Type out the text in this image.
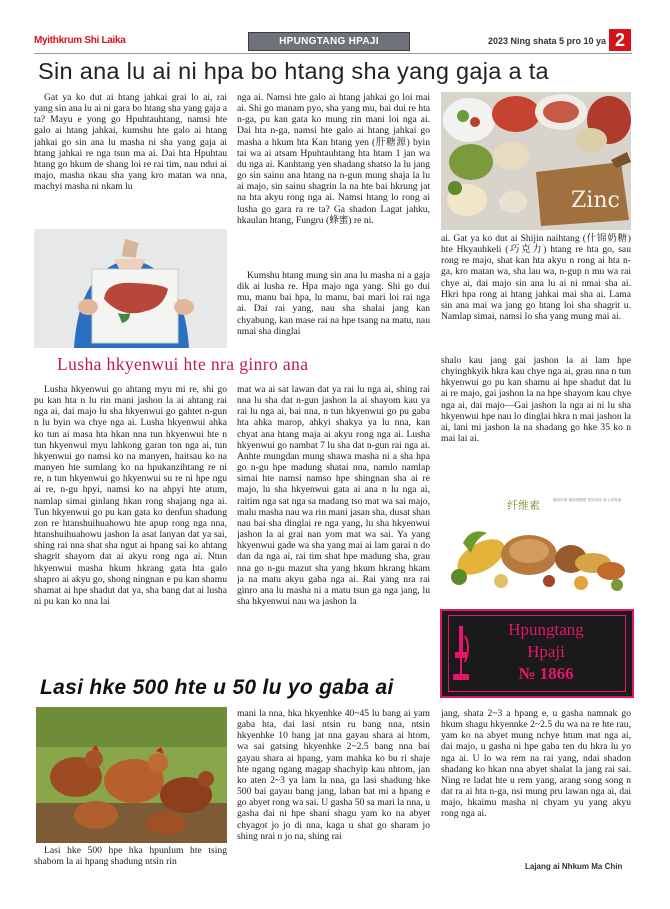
Myithkrum Shi Laika	HPUNGTANG HPAJI	2023 Ning shata 5 pro 10 ya 2
Sin ana lu ai ni hpa bo htang sha yang gaja a ta

Gat ya ko dut ai htang jahkai grai lo ai, rai yang sin ana lu ai ni gara bo htang sha yang gaja a ta? Mayu e yong go Hpuhtauhtang, namsi hte galo ai htang jahkai, kumshu hte galo ai htang jahkai go sin ana lu masha ni sha yang gaja ai htang jahkai re nga tsun ma ai. Dai hta Hpuhtau htang go hkum de shang loi re rai tim, nau ndui ai majo, masha nkau sha yang kro matan wa nna, machyi masha ni nkam lu

nga ai. Namsi hte galo ai htang jahkai go loi mai ai. Shi go manam pyo, sha yang mu, bai dui re hta n-ga, pu kan gata ko mung rin mani loi nga ai. Dai hta n-ga, namsi hte galo ai htang jahkai go masha a hkum hta Kan htang yen (肝糖源) byin tai wa ai atsam Hpuhtauhtang hta htam 1 jan wa du nga ai. Kanhtang yen shadang shatso la lu jang go sin sainu ana htang na n-gun mung shaja la lu ai majo, sin sainu shagrin la na hte bai hkrung jat na hta akyu rong nga ai. Namsi htang lo rong ai lusha go gara ra re ta? Ga shadon Lagat jahku, hkaulan htang, Fungru (蜂蜜) re ni.

Kumshu htang mung sin ana lu masha ni a gaja dik ai lusha re. Hpa majo nga yang. Shi go dui mu, manu bai hpa, lu manu, bai mari loi rai nga ai. Dai rai yang, nau sha shalai jang kan chyabung, kan mase rai na hpe tsang na matu, nau nmai sha dinglai

Zinc

ai. Gat ya ko dut ai Shijin naihtang (什锦奶糖) hte Hkyauhkeli (巧克力) htang re hta go, sau rong re majo, shat kan hta akyu n rong ai hta n-ga, kro matan wa, sha lau wa, n-gup n mu wa rai chye ai, dai majo sin ana lu ai ni nmai sha ai. Hkri hpa rong ai htang jahkai mai sha ai. Lama sin ana mai wa jang go htang loi sha shagrit u. Namlap simai, namsi lo sha yang mung mai ai.

Lusha hkyenwui hte nra ginro ana

Lusha hkyenwui go ahtang myu mi re, shi go pu kan hta n lu rin mani jashon la ai ahtang rai nga ai, dai majo lu sha hkyenwui go gahtet n-gun n lu byin wa chye nga ai. Lusha hkyenwui ahka ko tun ai masa hta hkan nna tun hkyenwui hte n tun hkyenwui myu lahkong garan ton nga ai, tun hkyenwui go namsi ko na manyen, haitsau ko na manyen hte sumlang ko na hpukanzihtang re ni re, n tun hkyenwui go hkyenwui su re ni hpe ngu ai re, n-gu hpyi, namsi ko na ahpyi hte atum, namlap simai ginlang hkan rong shajang nga ai. Tun hkyenwui go pu kan gata ko denfun shadung zon re htanshuihuahowu hte apup rong nga nna, htanshuihuahowu jashon la asat lanyan dat ya sai, shing rai nna shat sha ngut ai hpang sai ko ahtang shagrit shayom dat ai akyu rong nga ai. Ntun hkyenwui masha hkum hkrang gata hta galo shapro ai akyu go, shong ningnan e pu kan shamu shamat ai hpe shadut dat ya, sha bang dat ai lusha ni pu kan ko nna lai

mat wa ai sat lawan dat ya rai lu nga ai, shing rai nna lu sha dat n-gun jashon la ai shayom kau ya rai lu nga ai, bai nna, n tun hkyenwui go pu gaba hta ahka marop, ahkyi shakya ya lu nna, kan chyat ana htang maja ai akyu rong nga ai. Lusha hkyenwui go nambat 7 lu sha dat n-gun rai nga ai. Anhte mungdan mung shawa masha ni a sha hpa go n-gu hpe madung shatai nna, namlo namlap simai hte namsi namso hpe shingnan sha ai re majo, lu sha hkyenwui gata ai ana n lu nga ai, raitim nga sat nga sa madang tso mat wa sai majo, malu masha nau wa rin mani jasan sha, dusat shan nau bai sha dinglai re nga yang, lu sha hkyenwui jashon la ai grai nan yom mat wa sai. Ya yang hkyenwui gade wa sha yang mai ai lam garai n do dan da nga ai, rai tim shat hpe madung sha, grau nna go n-gu mazut sha yang hkum hkrang hkam ja na matu akyu gaba nga ai. Rai yang nra rai ginro ana lu masha ni a matu tsun ga nga jang, lu sha hkyenwui nau wa jashon la

shalo kau jang gai jashon la ai lam hpe chyinghkyik hkra kau chye nga ai, grau nna n tun hkyenwui go pu kan shamu ai hpe shadut dat lu ai re majo, gai jashon la na hpe shayom kau chye nga ai, dai majo—Gai jashon la nga ai ni lu sha hkyenwui hpe nau lo dinglai hkra n mai jashon la ai, lani mi jashon la na shadang go hke 35 ko n mai lai ai.

纤维素	膳食纤维 植物细胞壁 帮助消化 第七营养素
Hpungtang
Hpaji
№ 1866
Lasi hke 500 hte u 50 lu yo gaba ai

Lasi hke 500 hpe hka hpunlum hte tsing shabom la ai hpang shadung ntsin rin

mani la nna, hka hkyenhke 40~45 lu bang ai yam gaba hta, dai lasi ntsin ru bang nna, ntsin hkyenhke 10 bang jat nna gayau shara ai htom, wa sai gatsing hkyenhke 2~2.5 bang nna bai gayau shara ai hpang, yam mahka ko bu ri shaje hte ngang ngang magap shachyip kau nhtom, jan ko aten 2~3 ya lam la nna, ga lasi shadung hke 500 bai gayau bang jang, laban bat mi a hpang e go abyet rong wa sai. U gasha 50 sa mari la nna, u gasha dai ni hpe shani shagu yam ko na abyet chyagot jo jo di nna, kaga u shat go sharam jo shing nrai n jo na, shing rai

jang, shata 2~3 a hpang e, u gasha namnak go hkum shagu hkyennke 2~2.5 du wa na re hte rau, yam ko na abyet mung nchye htum mat nga ai, dai majo, u gasha ni hpe gaba ten du hkra lu yo nga ai. U lo wa rem na rai yang, ndai shadon shadang ko hkan nna abyet shalat la jang rai sai. Ning re ladat hte u rem yang, arang song song n dat ra ai hta n-ga, nsi mung pru lawan nga ai, dai majo, hkaimu masha ni chyam yu yang akyu rong nga ai.

Lajang ai Nhkum Ma Chin
